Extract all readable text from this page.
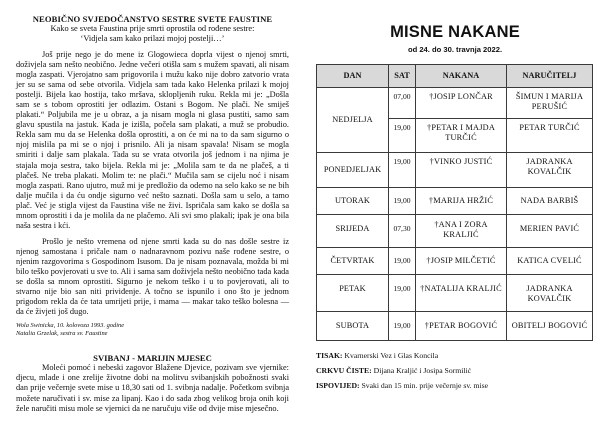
NEOBIČNO SVJEDOČANSTVO SESTRE SVETE FAUSTINE

Kako se sveta Faustina prije smrti oprostila od rođene sestre:

‘Vidjela sam kako prilazi mojoj postelji…’

Još prije nego je do mene iz Glogowieca doprla vijest o njenoj smrti, doživjela sam nešto neobično. Jedne večeri otišla sam s mužem spavati, ali nisam mogla zaspati. Vjerojatno sam prigovorila i mužu kako nije dobro zatvorio vrata jer su se sama od sebe otvorila. Vidjela sam tada kako Helenka prilazi k mojoj postelji. Bijela kao hostija, tako mršava, sklopljenih ruku. Rekla mi je: „Došla sam se s tobom oprostiti jer odlazim. Ostani s Bogom. Ne plači. Ne smiješ plakati.“ Poljubila me je u obraz, a ja nisam mogla ni glasa pustiti, samo sam glavu spustila na jastuk. Kada je izišla, počela sam plakati, a muž se probudio. Rekla sam mu da se Helenka došla oprostiti, a on će mi na to da sam sigurno o njoj mislila pa mi se o njoj i prisnilo. Ali ja nisam spavala! Nisam se mogla smiriti i dalje sam plakala. Tada su se vrata otvorila još jednom i na njima je stajala moja sestra, tako bijela. Rekla mi je: „Molila sam te da ne plačeš, a ti plačeš. Ne treba plakati. Molim te: ne plači.“ Mučila sam se cijelu noć i nisam mogla zaspati. Rano ujutro, muž mi je predložio da odemo na selo kako se ne bih dalje mučila i da ću ondje sigurno već nešto saznati. Došla sam u selo, a tamo plač. Već je stigla vijest da Faustina više ne živi. Ispričala sam kako se došla sa mnom oprostiti i da je molila da ne plačemo. Ali svi smo plakali; ipak je ona bila naša sestra i kći.

Prošlo je nešto vremena od njene smrti kada su do nas došle sestre iz njenog samostana i pričale nam o nadnaravnom pozivu naše rođene sestre, o njenim razgovorima s Gospodinom Isusom. Da je nisam poznavala, možda bi mi bilo teško povjerovati u sve to. Ali i sama sam doživjela nešto neobično tada kada se došla sa mnom oprostiti. Sigurno je nekom teško i u to povjerovati, ali to stvarno nije bio san niti priviđenje. A točno se ispunilo i ono što je jednom prigodom rekla da će tata umrijeti prije, i mama — makar tako teško bolesna — da će živjeti još dugo.

Wola Swinicka, 10. kolovoza 1993. godine
Natalia Grzelak, sestra sv. Faustine
SVIBANJ - MARIJIN MJESEC

Moleći pomoć i nebeski zagovor Blažene Djevice, pozivam sve vjernike: djecu, mlade i one zrelije životne dobi na molitvu svibanjskih pobožnosti svaki dan prije večernje svete mise u 18,30 sati od 1. svibnja nadalje. Početkom svibnja možete naručivati i sv. mise za lipanj. Kao i do sada zbog velikog broja onih koji žele naručiti misu mole se vjernici da ne naručuju više od dvije mise mjesečno.

MISNE NAKANE
od 24. do 30. travnja 2022.
DAN	SAT	NAKANA	NARUČITELJ
NEDJELJA	07,00	†JOSIP LONČAR	ŠIMUN I MARIJA PERUŠIĆ
	19,00	†PETAR I MAJDA TURČIĆ	PETAR TURČIĆ
PONEDJELJAK	19,00	†VINKO JUSTIĆ	JADRANKA KOVALČIK
UTORAK	19,00	†MARIJA HRŽIĆ	NADA BARBIŠ
SRIJEDA	07,30	†ANA I ZORA KRALJIĆ	MERIEN PAVIĆ
ČETVRTAK	19,00	†JOSIP MILČETIĆ	KATICA CVELIĆ
PETAK	19,00	†NATALIJA KRALJIĆ	JADRANKA KOVALČIK
SUBOTA	19,00	†PETAR BOGOVIĆ	OBITELJ BOGOVIĆ
TISAK: Kvarnerski Vez i Glas Koncila
CRKVU ČISTE: Dijana Kraljić i Josipa Sormilić
ISPOVIJED: Svaki dan 15 min. prije večernje sv. mise
